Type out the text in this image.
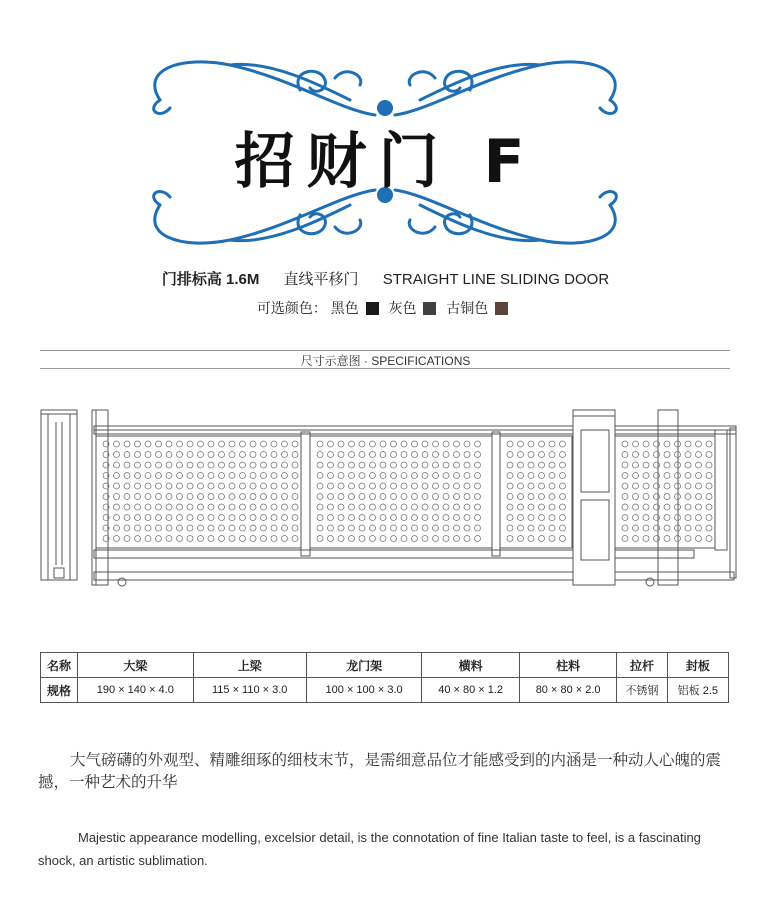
招财门 F
门排标高 1.6M 直线平移门 STRAIGHT LINE SLIDING DOOR
可选颜色： 黑色 灰色 古铜色
尺寸示意图 · SPECIFICATIONS
名称	大梁	上梁	龙门架	横料	柱料	拉杆	封板
规格	190 × 140 × 4.0	115 × 110 × 3.0	100 × 100 × 3.0	40 × 80 × 1.2	80 × 80 × 2.0	不锈钢	铝板 2.5
大气磅礴的外观型、精雕细琢的细枝末节，是需细意品位才能感受到的内涵是一种动人心魄的震撼，一种艺术的升华
Majestic appearance modelling, excelsior detail, is the connotation of fine Italian taste to feel, is a fascinating shock, an artistic sublimation.
